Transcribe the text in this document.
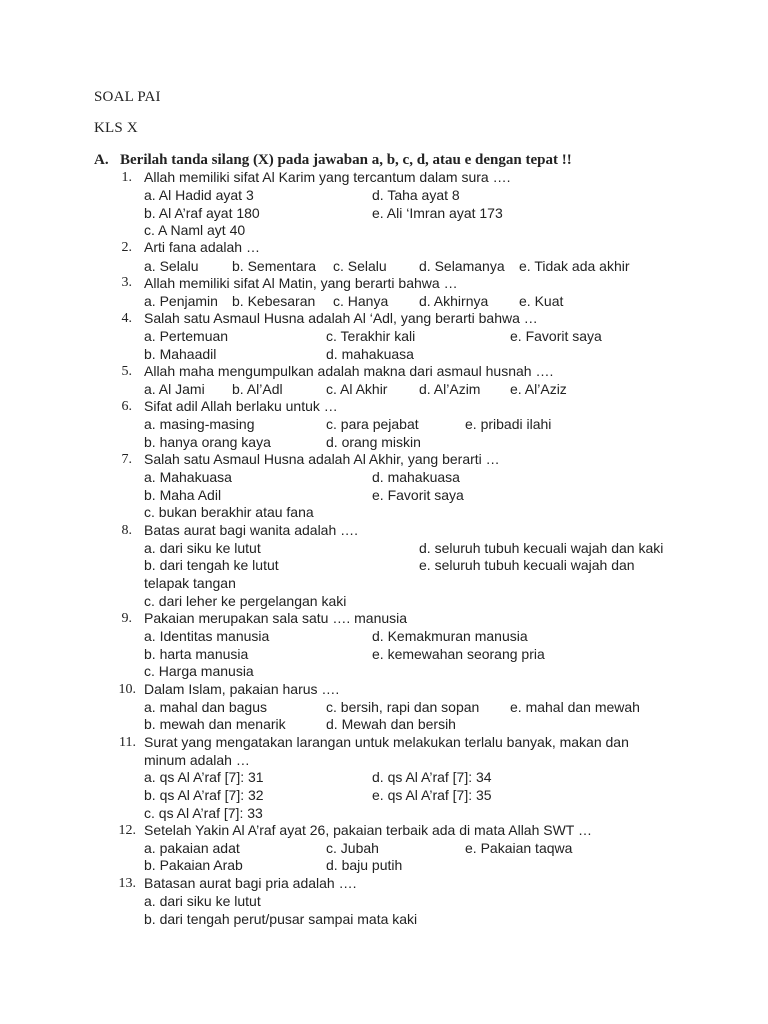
SOAL PAI
KLS X
A. Berilah tanda silang (X) pada jawaban a, b, c, d, atau e dengan tepat !!
1. Allah memiliki sifat Al Karim yang tercantum dalam sura ….
a. Al Hadid ayat 3	d. Taha ayat 8
b. Al A’raf ayat 180	e. Ali ‘Imran ayat 173
c. A Naml ayt 40
2. Arti fana adalah …
a. Selalu b. Sementara c. Selalu d. Selamanya e. Tidak ada akhir
3. Allah memiliki sifat Al Matin, yang berarti bahwa …
a. Penjamin b. Kebesaran c. Hanya d. Akhirnya e. Kuat
4. Salah satu Asmaul Husna adalah Al ‘Adl, yang berarti bahwa …
a. Pertemuan	c. Terakhir kali	e. Favorit saya
b. Mahaadil	d. mahakuasa
5. Allah maha mengumpulkan adalah makna dari asmaul husnah ….
a. Al Jami b. Al’Adl	c. Al Akhir d. Al’Azim e. Al’Aziz
6. Sifat adil Allah berlaku untuk …
a. masing-masing	c. para pejabat	e. pribadi ilahi
b. hanya orang kaya	d. orang miskin
7. Salah satu Asmaul Husna adalah Al Akhir, yang berarti …
a. Mahakuasa	d. mahakuasa
b. Maha Adil	e. Favorit saya
c. bukan berakhir atau fana
8. Batas aurat bagi wanita adalah ….
a. dari siku ke lutut	d. seluruh tubuh kecuali wajah dan kaki
b. dari tengah ke lutut	e. seluruh tubuh kecuali wajah dan
telapak tangan
c. dari leher ke pergelangan kaki
9. Pakaian merupakan sala satu …. manusia
a. Identitas manusia	d. Kemakmuran manusia
b. harta manusia	e. kemewahan seorang pria
c. Harga manusia
10. Dalam Islam, pakaian harus ….
a. mahal dan bagus	c. bersih, rapi dan sopan e. mahal dan mewah
b. mewah dan menarik	d. Mewah dan bersih
11. Surat yang mengatakan larangan untuk melakukan terlalu banyak, makan dan
minum adalah …
a. qs Al A’raf [7]: 31	d. qs Al A’raf [7]: 34
b. qs Al A’raf [7]: 32	e. qs Al A’raf [7]: 35
c. qs Al A’raf [7]: 33
12. Setelah Yakin Al A’raf ayat 26, pakaian terbaik ada di mata Allah SWT …
a. pakaian adat	c. Jubah	e. Pakaian taqwa
b. Pakaian Arab	d. baju putih
13. Batasan aurat bagi pria adalah ….
a. dari siku ke lutut
b. dari tengah perut/pusar sampai mata kaki
